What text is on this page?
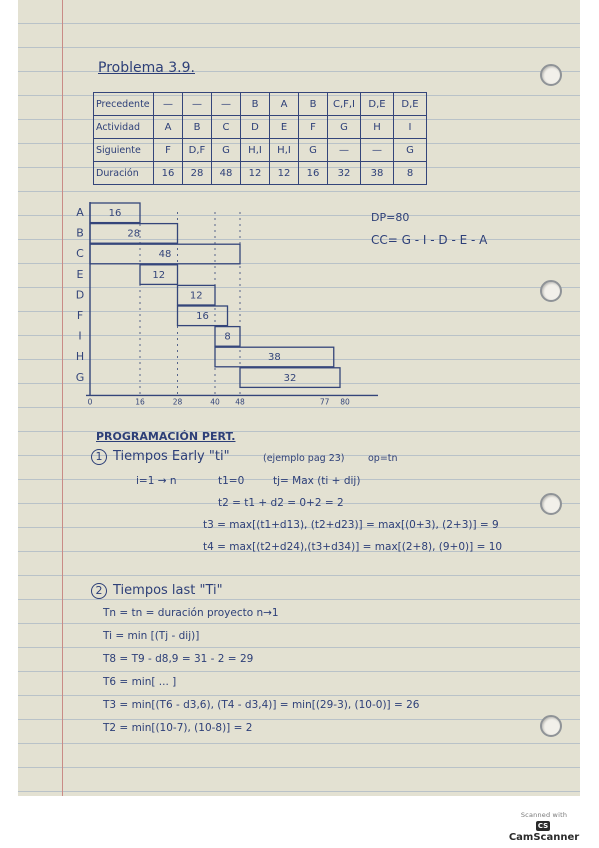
Problema 3.9.
Precedente	—	—	—	B	A	B	C,F,I	D,E	D,E
Actividad	A	B	C	D	E	F	G	H	I
Siguiente	F	D,F	G	H,I	H,I	G	—	—	G
Duración	16	28	48	12	12	16	32	38	8
A
B
C
E
D
F
I
H
G
16
28
48
12
12
16
8
38
32
0	16	28	40 48	77 80
DP=80
CC= G - I - D - E - A
PROGRAMACIÓN PERT.
1 Tiempos Early "ti"	(ejemplo pag 23) op=tn
i=1 → n	t1=0	tj= Max (ti + dij)
t2 = t1 + d2 = 0+2 = 2
t3 = max[(t1+d13), (t2+d23)] = max[(0+3), (2+3)] = 9
t4 = max[(t2+d24),(t3+d34)] = max[(2+8), (9+0)] = 10
2 Tiempos last "Ti"
Tn = tn = duración proyecto n→1
Ti = min [(Tj - dij)]
T8 = T9 - d8,9 = 31 - 2 = 29
T6 = min[ ... ]
T3 = min[(T6 - d3,6), (T4 - d3,4)] = min[(29-3), (10-0)] = 26
T2 = min[(10-7), (10-8)] = 2
Scanned with
CSCamScanner
